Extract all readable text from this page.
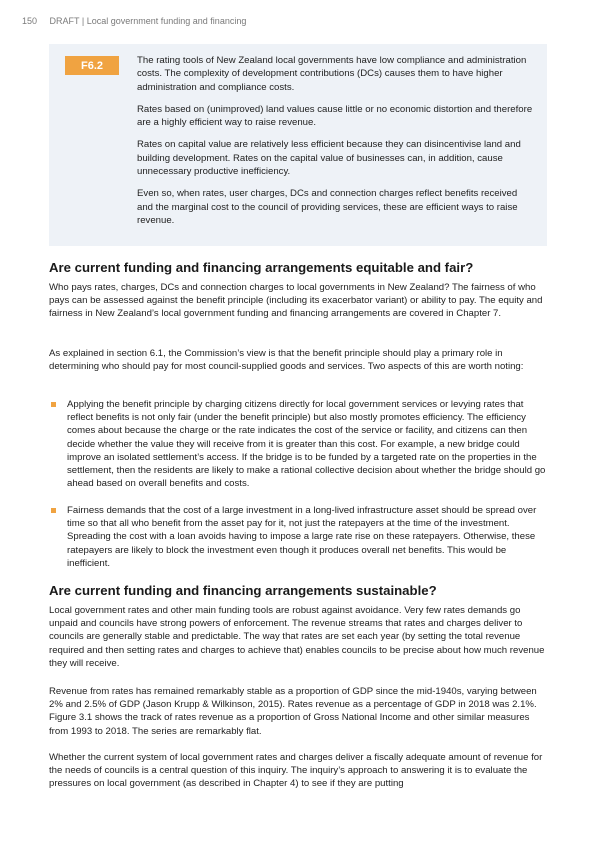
150 DRAFT | Local government funding and financing
F6.2	The rating tools of New Zealand local governments have low compliance and administration costs. The complexity of development contributions (DCs) causes them to have higher administration and compliance costs.

Rates based on (unimproved) land values cause little or no economic distortion and therefore are a highly efficient way to raise revenue.

Rates on capital value are relatively less efficient because they can disincentivise land and building development. Rates on the capital value of businesses can, in addition, cause unnecessary productive inefficiency.

Even so, when rates, user charges, DCs and connection charges reflect benefits received and the marginal cost to the council of providing services, these are efficient ways to raise revenue.

Are current funding and financing arrangements equitable and fair?

Who pays rates, charges, DCs and connection charges to local governments in New Zealand? The fairness of who pays can be assessed against the benefit principle (including its exacerbator variant) or ability to pay. The equity and fairness in New Zealand’s local government funding and financing arrangements are covered in Chapter 7.

As explained in section 6.1, the Commission’s view is that the benefit principle should play a primary role in determining who should pay for most council-supplied goods and services. Two aspects of this are worth noting:

Applying the benefit principle by charging citizens directly for local government services or levying rates that reflect benefits is not only fair (under the benefit principle) but also mostly promotes efficiency. The efficiency comes about because the charge or the rate indicates the cost of the service or facility, and citizens can then decide whether the value they will receive from it is greater than this cost. For example, a new bridge could improve an isolated settlement’s access. If the bridge is to be funded by a targeted rate on the properties in the settlement, then the residents are likely to make a rational collective decision about whether the bridge should go ahead based on overall benefits and costs.

Fairness demands that the cost of a large investment in a long-lived infrastructure asset should be spread over time so that all who benefit from the asset pay for it, not just the ratepayers at the time of the investment. Spreading the cost with a loan avoids having to impose a large rate rise on these ratepayers. Otherwise, these ratepayers are likely to block the investment even though it produces overall net benefits. This would be inefficient.

Are current funding and financing arrangements sustainable?

Local government rates and other main funding tools are robust against avoidance. Very few rates demands go unpaid and councils have strong powers of enforcement. The revenue streams that rates and charges deliver to councils are generally stable and predictable. The way that rates are set each year (by setting the total revenue required and then setting rates and charges to achieve that) enables councils to be precise about how much revenue they will receive.

Revenue from rates has remained remarkably stable as a proportion of GDP since the mid-1940s, varying between 2% and 2.5% of GDP (Jason Krupp & Wilkinson, 2015). Rates revenue as a percentage of GDP in 2018 was 2.1%. Figure 3.1 shows the track of rates revenue as a proportion of Gross National Income and other similar measures from 1993 to 2018. The series are remarkably flat.

Whether the current system of local government rates and charges deliver a fiscally adequate amount of revenue for the needs of councils is a central question of this inquiry. The inquiry’s approach to answering it is to evaluate the pressures on local government (as described in Chapter 4) to see if they are putting
